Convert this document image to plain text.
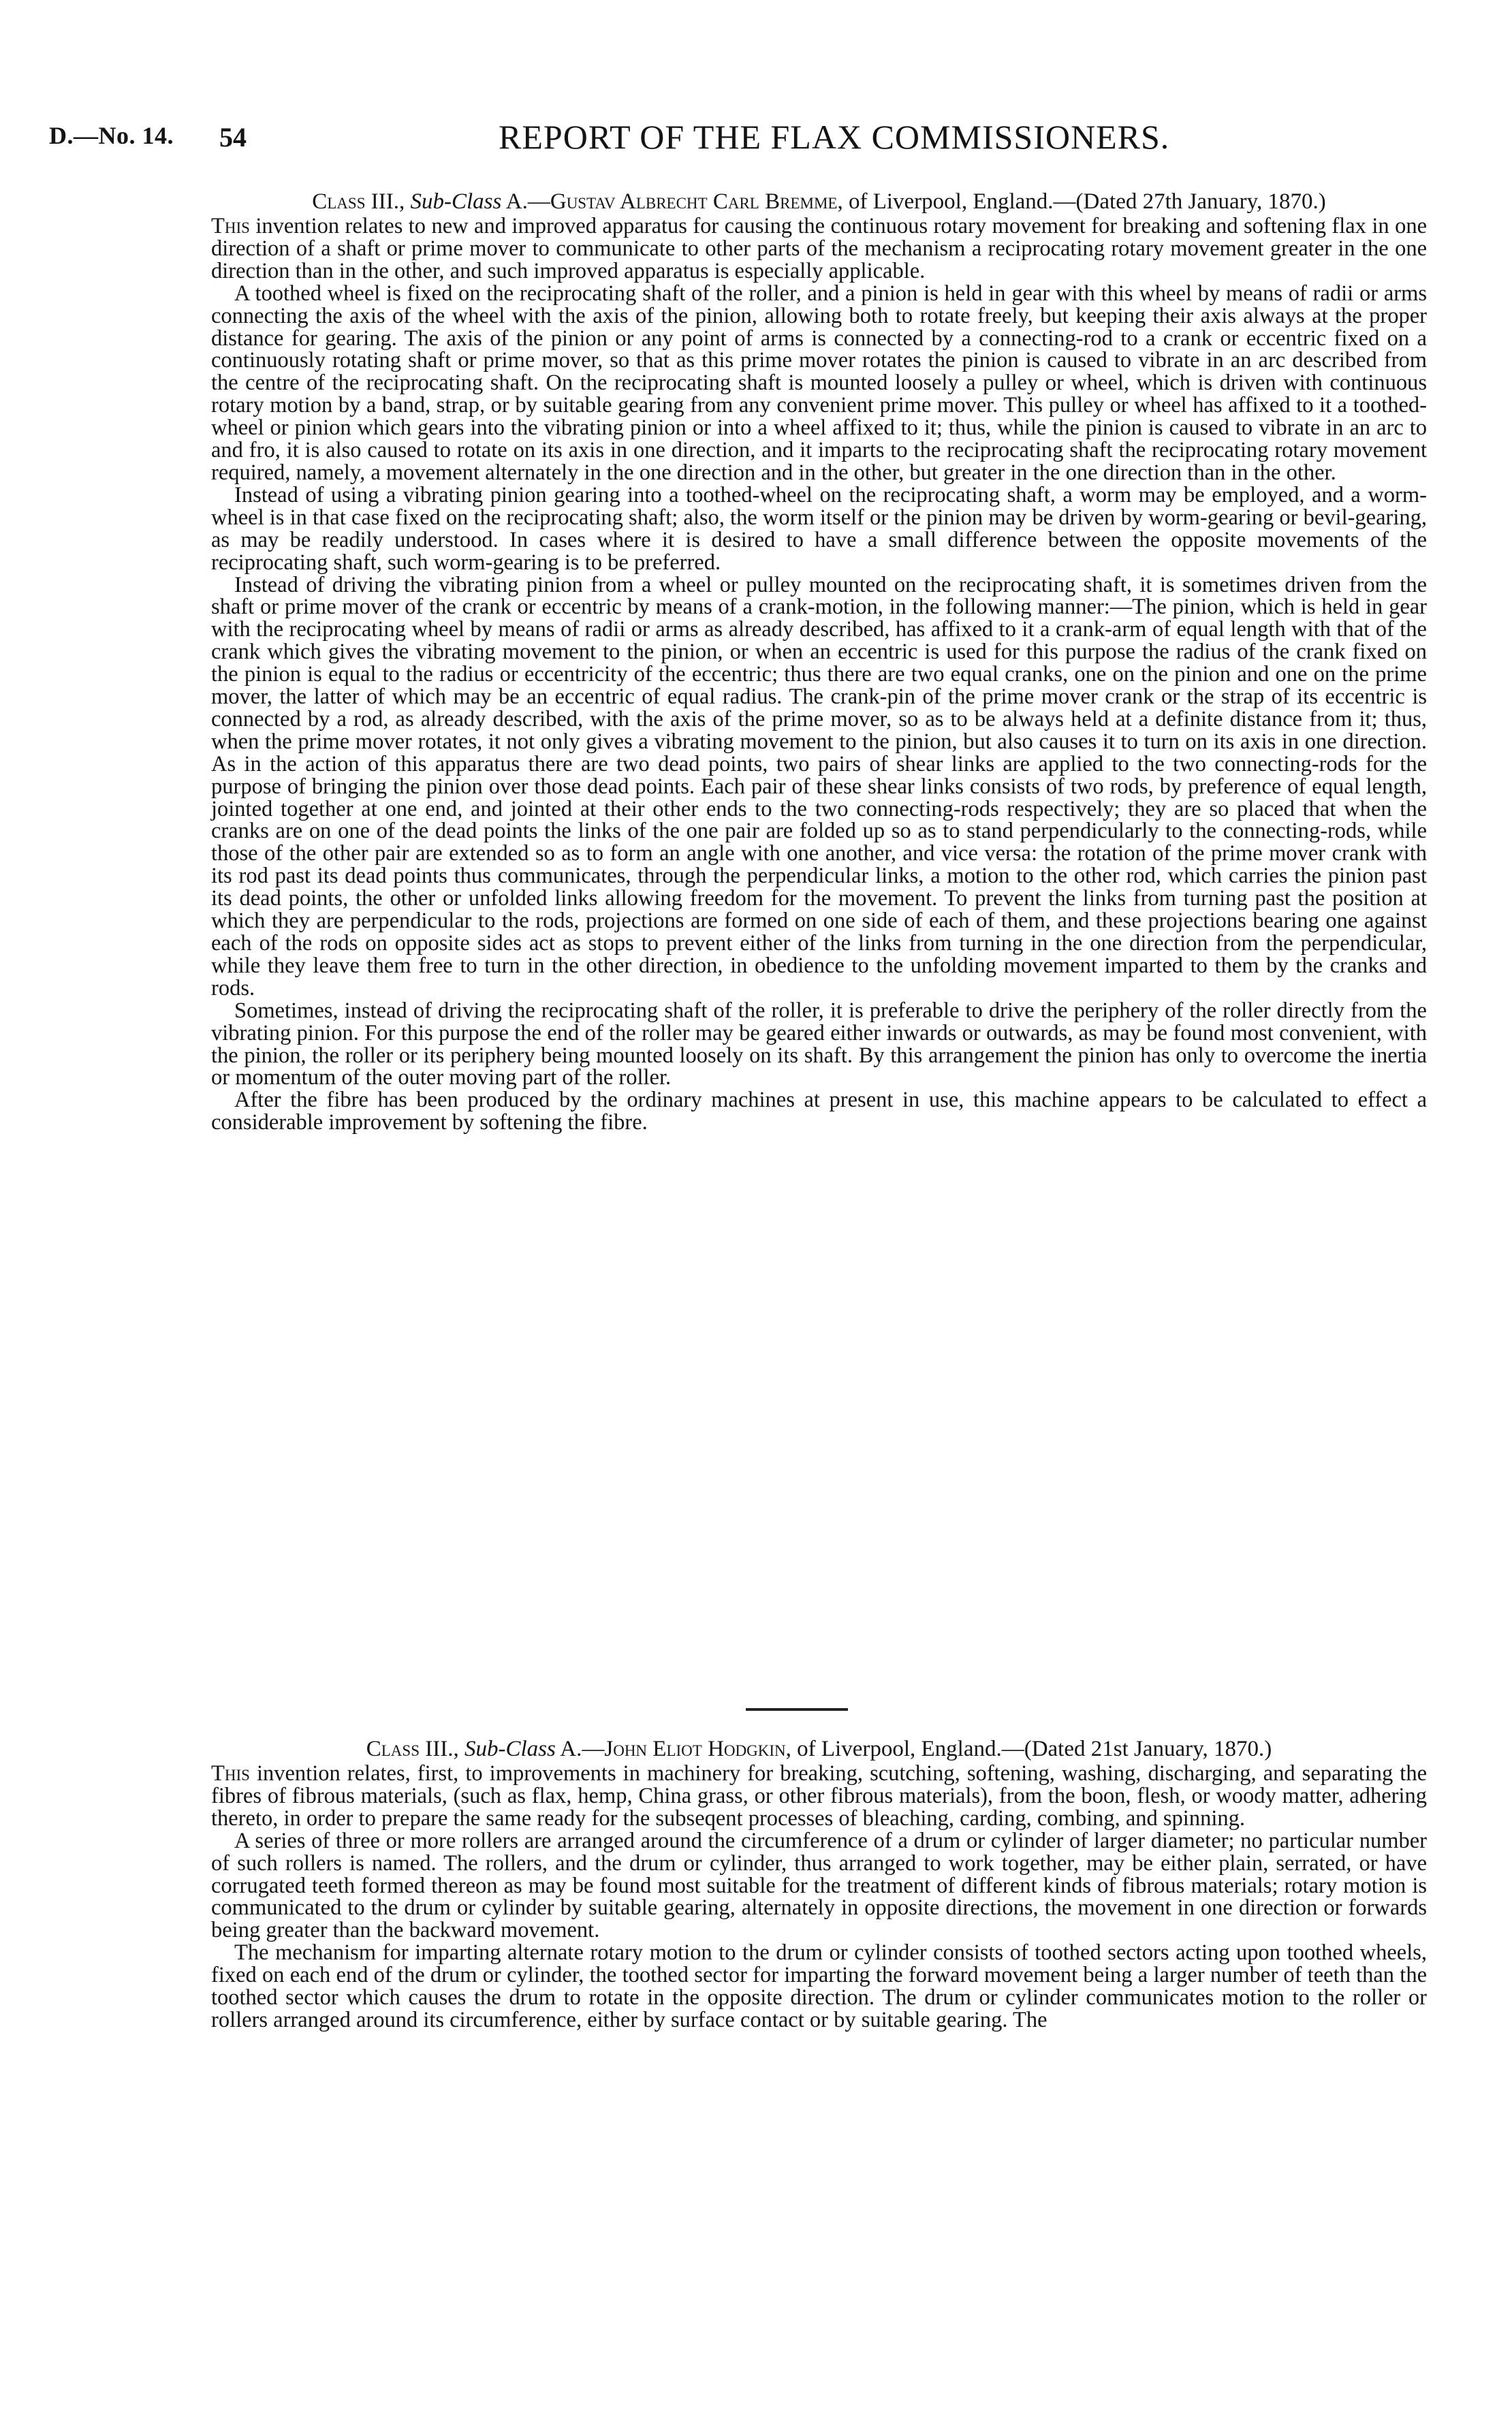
D.—No. 14. 54	REPORT OF THE FLAX COMMISSIONERS.

Class III., Sub-Class A.—Gustav Albrecht Carl Bremme, of Liverpool, England.—(Dated 27th January, 1870.)

This invention relates to new and improved apparatus for causing the continuous rotary movement for breaking and softening flax in one direction of a shaft or prime mover to communicate to other parts of the mechanism a reciprocating rotary movement greater in the one direction than in the other, and such improved apparatus is especially applicable.

A toothed wheel is fixed on the reciprocating shaft of the roller, and a pinion is held in gear with this wheel by means of radii or arms connecting the axis of the wheel with the axis of the pinion, allowing both to rotate freely, but keeping their axis always at the proper distance for gearing. The axis of the pinion or any point of arms is connected by a connecting-rod to a crank or eccentric fixed on a continuously rotating shaft or prime mover, so that as this prime mover rotates the pinion is caused to vibrate in an arc described from the centre of the reciprocating shaft. On the reciprocating shaft is mounted loosely a pulley or wheel, which is driven with continuous rotary motion by a band, strap, or by suitable gearing from any convenient prime mover. This pulley or wheel has affixed to it a toothed-wheel or pinion which gears into the vibrating pinion or into a wheel affixed to it; thus, while the pinion is caused to vibrate in an arc to and fro, it is also caused to rotate on its axis in one direction, and it imparts to the reciprocating shaft the reciprocating rotary movement required, namely, a movement alternately in the one direction and in the other, but greater in the one direction than in the other.

Instead of using a vibrating pinion gearing into a toothed-wheel on the reciprocating shaft, a worm may be employed, and a worm-wheel is in that case fixed on the reciprocating shaft; also, the worm itself or the pinion may be driven by worm-gearing or bevil-gearing, as may be readily understood. In cases where it is desired to have a small difference between the opposite movements of the reciprocating shaft, such worm-gearing is to be preferred.

Instead of driving the vibrating pinion from a wheel or pulley mounted on the reciprocating shaft, it is sometimes driven from the shaft or prime mover of the crank or eccentric by means of a crank-motion, in the following manner:—The pinion, which is held in gear with the reciprocating wheel by means of radii or arms as already described, has affixed to it a crank-arm of equal length with that of the crank which gives the vibrating movement to the pinion, or when an eccentric is used for this purpose the radius of the crank fixed on the pinion is equal to the radius or eccentricity of the eccentric; thus there are two equal cranks, one on the pinion and one on the prime mover, the latter of which may be an eccentric of equal radius. The crank-pin of the prime mover crank or the strap of its eccentric is connected by a rod, as already described, with the axis of the prime mover, so as to be always held at a definite distance from it; thus, when the prime mover rotates, it not only gives a vibrating movement to the pinion, but also causes it to turn on its axis in one direction. As in the action of this apparatus there are two dead points, two pairs of shear links are applied to the two connecting-rods for the purpose of bringing the pinion over those dead points. Each pair of these shear links consists of two rods, by preference of equal length, jointed together at one end, and jointed at their other ends to the two connecting-rods respectively; they are so placed that when the cranks are on one of the dead points the links of the one pair are folded up so as to stand perpendicularly to the connecting-rods, while those of the other pair are extended so as to form an angle with one another, and vice versa: the rotation of the prime mover crank with its rod past its dead points thus communicates, through the perpendicular links, a motion to the other rod, which carries the pinion past its dead points, the other or unfolded links allowing freedom for the movement. To prevent the links from turning past the position at which they are perpendicular to the rods, projections are formed on one side of each of them, and these projections bearing one against each of the rods on opposite sides act as stops to prevent either of the links from turning in the one direction from the perpendicular, while they leave them free to turn in the other direction, in obedience to the unfolding movement imparted to them by the cranks and rods.

Sometimes, instead of driving the reciprocating shaft of the roller, it is preferable to drive the periphery of the roller directly from the vibrating pinion. For this purpose the end of the roller may be geared either inwards or outwards, as may be found most convenient, with the pinion, the roller or its periphery being mounted loosely on its shaft. By this arrangement the pinion has only to overcome the inertia or momentum of the outer moving part of the roller.

After the fibre has been produced by the ordinary machines at present in use, this machine appears to be calculated to effect a considerable improvement by softening the fibre.

Class III., Sub-Class A.—John Eliot Hodgkin, of Liverpool, England.—(Dated 21st January, 1870.)

This invention relates, first, to improvements in machinery for breaking, scutching, softening, washing, discharging, and separating the fibres of fibrous materials, (such as flax, hemp, China grass, or other fibrous materials), from the boon, flesh, or woody matter, adhering thereto, in order to prepare the same ready for the subseqent processes of bleaching, carding, combing, and spinning.

A series of three or more rollers are arranged around the circumference of a drum or cylinder of larger diameter; no particular number of such rollers is named. The rollers, and the drum or cylinder, thus arranged to work together, may be either plain, serrated, or have corrugated teeth formed thereon as may be found most suitable for the treatment of different kinds of fibrous materials; rotary motion is communicated to the drum or cylinder by suitable gearing, alternately in opposite directions, the movement in one direction or forwards being greater than the backward movement.

The mechanism for imparting alternate rotary motion to the drum or cylinder consists of toothed sectors acting upon toothed wheels, fixed on each end of the drum or cylinder, the toothed sector for imparting the forward movement being a larger number of teeth than the toothed sector which causes the drum to rotate in the opposite direction. The drum or cylinder communicates motion to the roller or rollers arranged around its circumference, either by surface contact or by suitable gearing. The
